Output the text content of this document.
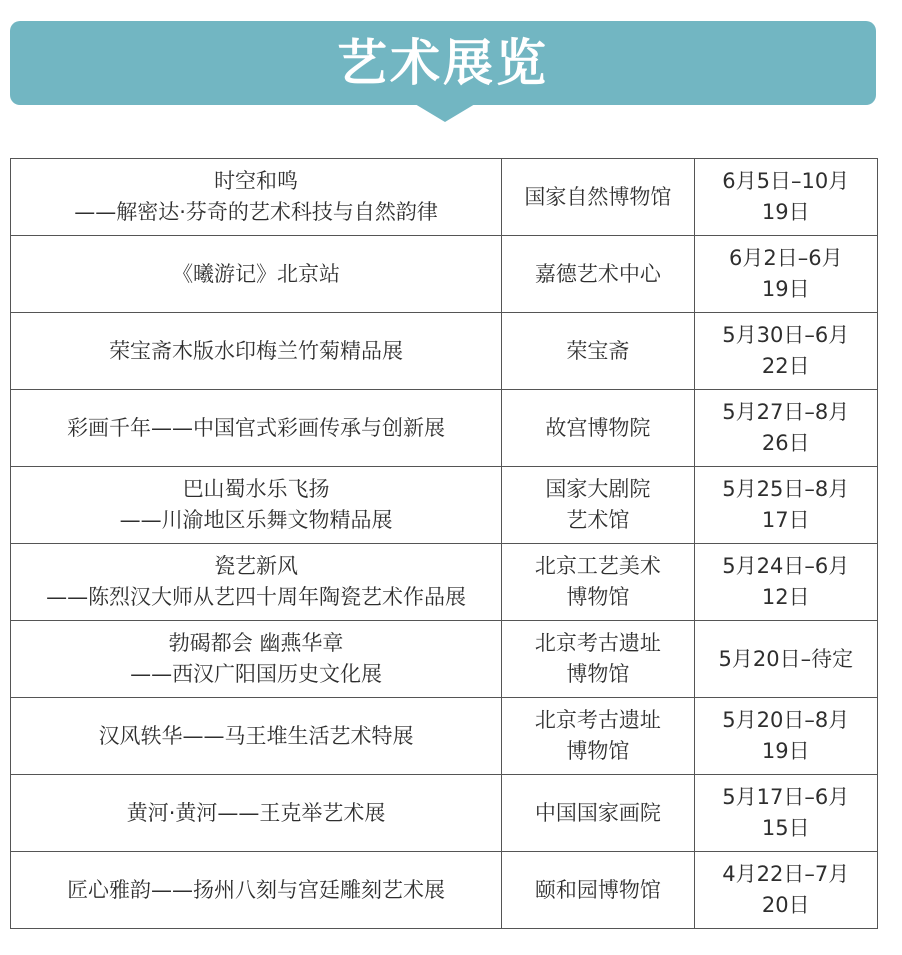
艺术展览
时空和鸣
——解密达·芬奇的艺术科技与自然韵律	国家自然博物馆	6月5日–10月
19日

《曦游记》北京站	嘉德艺术中心	6月2日–6月
19日

荣宝斋木版水印梅兰竹菊精品展	荣宝斋	5月30日–6月
22日

彩画千年——中国官式彩画传承与创新展	故宫博物院	5月27日–8月
26日

巴山蜀水乐飞扬
——川渝地区乐舞文物精品展	国家大剧院
艺术馆	5月25日–8月
17日

瓷艺新风
——陈烈汉大师从艺四十周年陶瓷艺术作品展	北京工艺美术
博物馆	5月24日–6月
12日

勃碣都会 幽燕华章
——西汉广阳国历史文化展	北京考古遗址
博物馆	5月20日–待定

汉风轶华——马王堆生活艺术特展	北京考古遗址
博物馆	5月20日–8月
19日

黄河·黄河——王克举艺术展	中国国家画院	5月17日–6月
15日

匠心雅韵——扬州八刻与宫廷雕刻艺术展	颐和园博物馆	4月22日–7月
20日
